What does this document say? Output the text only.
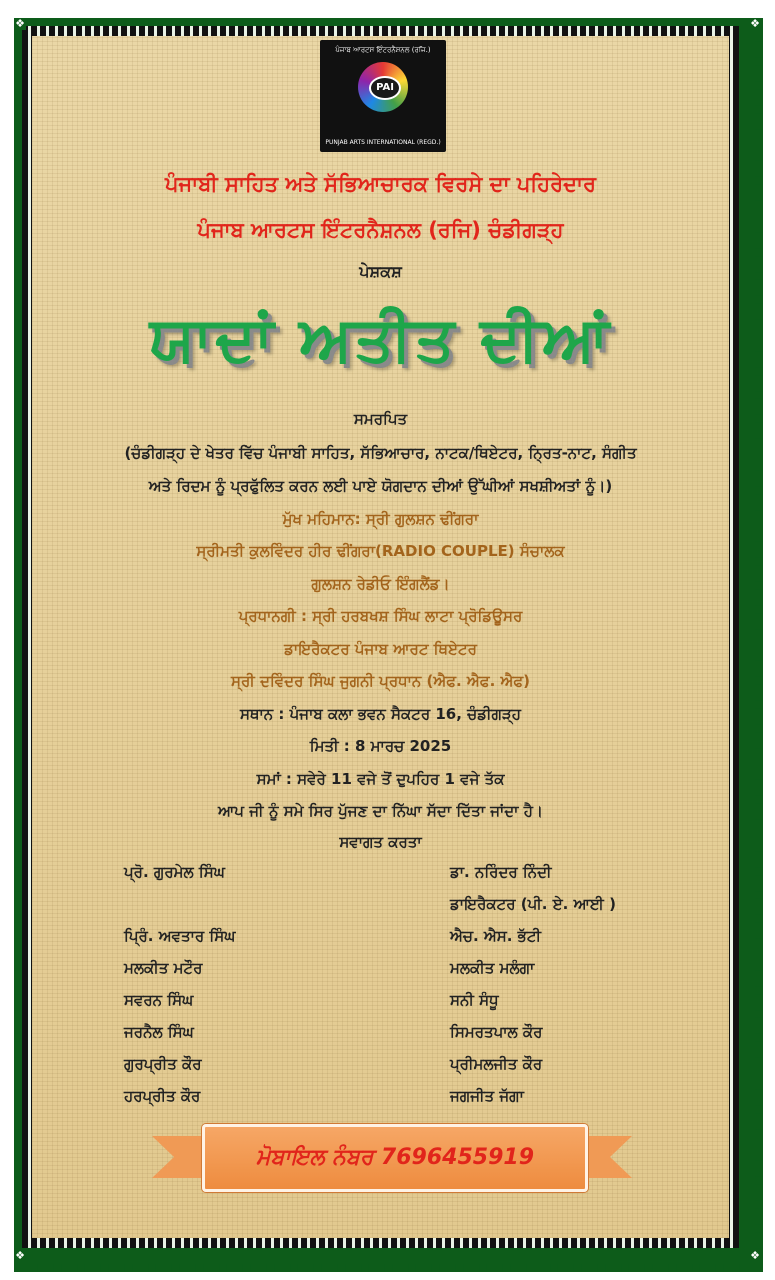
❖	❖
❖	❖
ਪੰਜਾਬ ਆਰਟਸ ਇੰਟਰਨੈਸ਼ਨਲ (ਰਜਿ.)
PAI
PUNJAB ARTS INTERNATIONAL (REGD.)
ਪੰਜਾਬੀ ਸਾਹਿਤ ਅਤੇ ਸੱਭਿਆਚਾਰਕ ਵਿਰਸੇ ਦਾ ਪਹਿਰੇਦਾਰ
ਪੰਜਾਬ ਆਰਟਸ ਇੰਟਰਨੈਸ਼ਨਲ (ਰਜਿ) ਚੰਡੀਗੜ੍ਹ
ਪੇਸ਼ਕਸ਼
ਯਾਦਾਂ ਅਤੀਤ ਦੀਆਂ
ਸਮਰਪਿਤ
(ਚੰਡੀਗੜ੍ਹ ਦੇ ਖੇਤਰ ਵਿੱਚ ਪੰਜਾਬੀ ਸਾਹਿਤ, ਸੱਭਿਆਚਾਰ, ਨਾਟਕ/ਥਿਏਟਰ, ਨ੍ਰਿਤ-ਨਾਟ, ਸੰਗੀਤ
ਅਤੇ ਰਿਦਮ ਨੂੰ ਪ੍ਰਫੁੱਲਿਤ ਕਰਨ ਲਈ ਪਾਏ ਯੋਗਦਾਨ ਦੀਆਂ ਉੱਘੀਆਂ ਸਖਸ਼ੀਅਤਾਂ ਨੂੰ।)
ਮੁੱਖ ਮਹਿਮਾਨ: ਸ੍ਰੀ ਗੁਲਸ਼ਨ ਢੀਂਗਰਾ
ਸ੍ਰੀਮਤੀ ਕੁਲਵਿੰਦਰ ਹੀਰ ਢੀਂਗਰਾ(RADIO COUPLE) ਸੰਚਾਲਕ
ਗੁਲਸ਼ਨ ਰੇਡੀਓ ਇੰਗਲੈਂਡ।
ਪ੍ਰਧਾਨਗੀ : ਸ੍ਰੀ ਹਰਬਖਸ਼ ਸਿੰਘ ਲਾਟਾ ਪ੍ਰੋਡਿਊਸਰ
ਡਾਇਰੈਕਟਰ ਪੰਜਾਬ ਆਰਟ ਥਿਏਟਰ
ਸ੍ਰੀ ਦਵਿੰਦਰ ਸਿੰਘ ਜੁਗਨੀ ਪ੍ਰਧਾਨ (ਐਫ. ਐਫ. ਐਫ)
ਸਥਾਨ : ਪੰਜਾਬ ਕਲਾ ਭਵਨ ਸੈਕਟਰ 16, ਚੰਡੀਗੜ੍ਹ
ਮਿਤੀ : 8 ਮਾਰਚ 2025
ਸਮਾਂ : ਸਵੇਰੇ 11 ਵਜੇ ਤੋਂ ਦੁਪਹਿਰ 1 ਵਜੇ ਤੱਕ
ਆਪ ਜੀ ਨੂੰ ਸਮੇ ਸਿਰ ਪੁੱਜਣ ਦਾ ਨਿੱਘਾ ਸੱਦਾ ਦਿੱਤਾ ਜਾਂਦਾ ਹੈ।
ਸਵਾਗਤ ਕਰਤਾ
ਪ੍ਰੋ. ਗੁਰਮੇਲ ਸਿੰਘ
ਪ੍ਰਿੰ. ਅਵਤਾਰ ਸਿੰਘ
ਮਲਕੀਤ ਮਟੌਰ
ਸਵਰਨ ਸਿੰਘ
ਜਰਨੈਲ ਸਿੰਘ
ਗੁਰਪ੍ਰੀਤ ਕੌਰ
ਹਰਪ੍ਰੀਤ ਕੌਰ
ਡਾ. ਨਰਿੰਦਰ ਨਿੰਦੀ
ਡਾਇਰੈਕਟਰ (ਪੀ. ਏ. ਆਈ )
ਐਚ. ਐਸ. ਭੱਟੀ
ਮਲਕੀਤ ਮਲੰਗਾ
ਸਨੀ ਸੰਧੂ
ਸਿਮਰਤਪਾਲ ਕੌਰ
ਪ੍ਰੀਮਲਜੀਤ ਕੌਰ
ਜਗਜੀਤ ਜੱਗਾ
ਮੋਬਾਇਲ ਨੰਬਰ 7696455919
